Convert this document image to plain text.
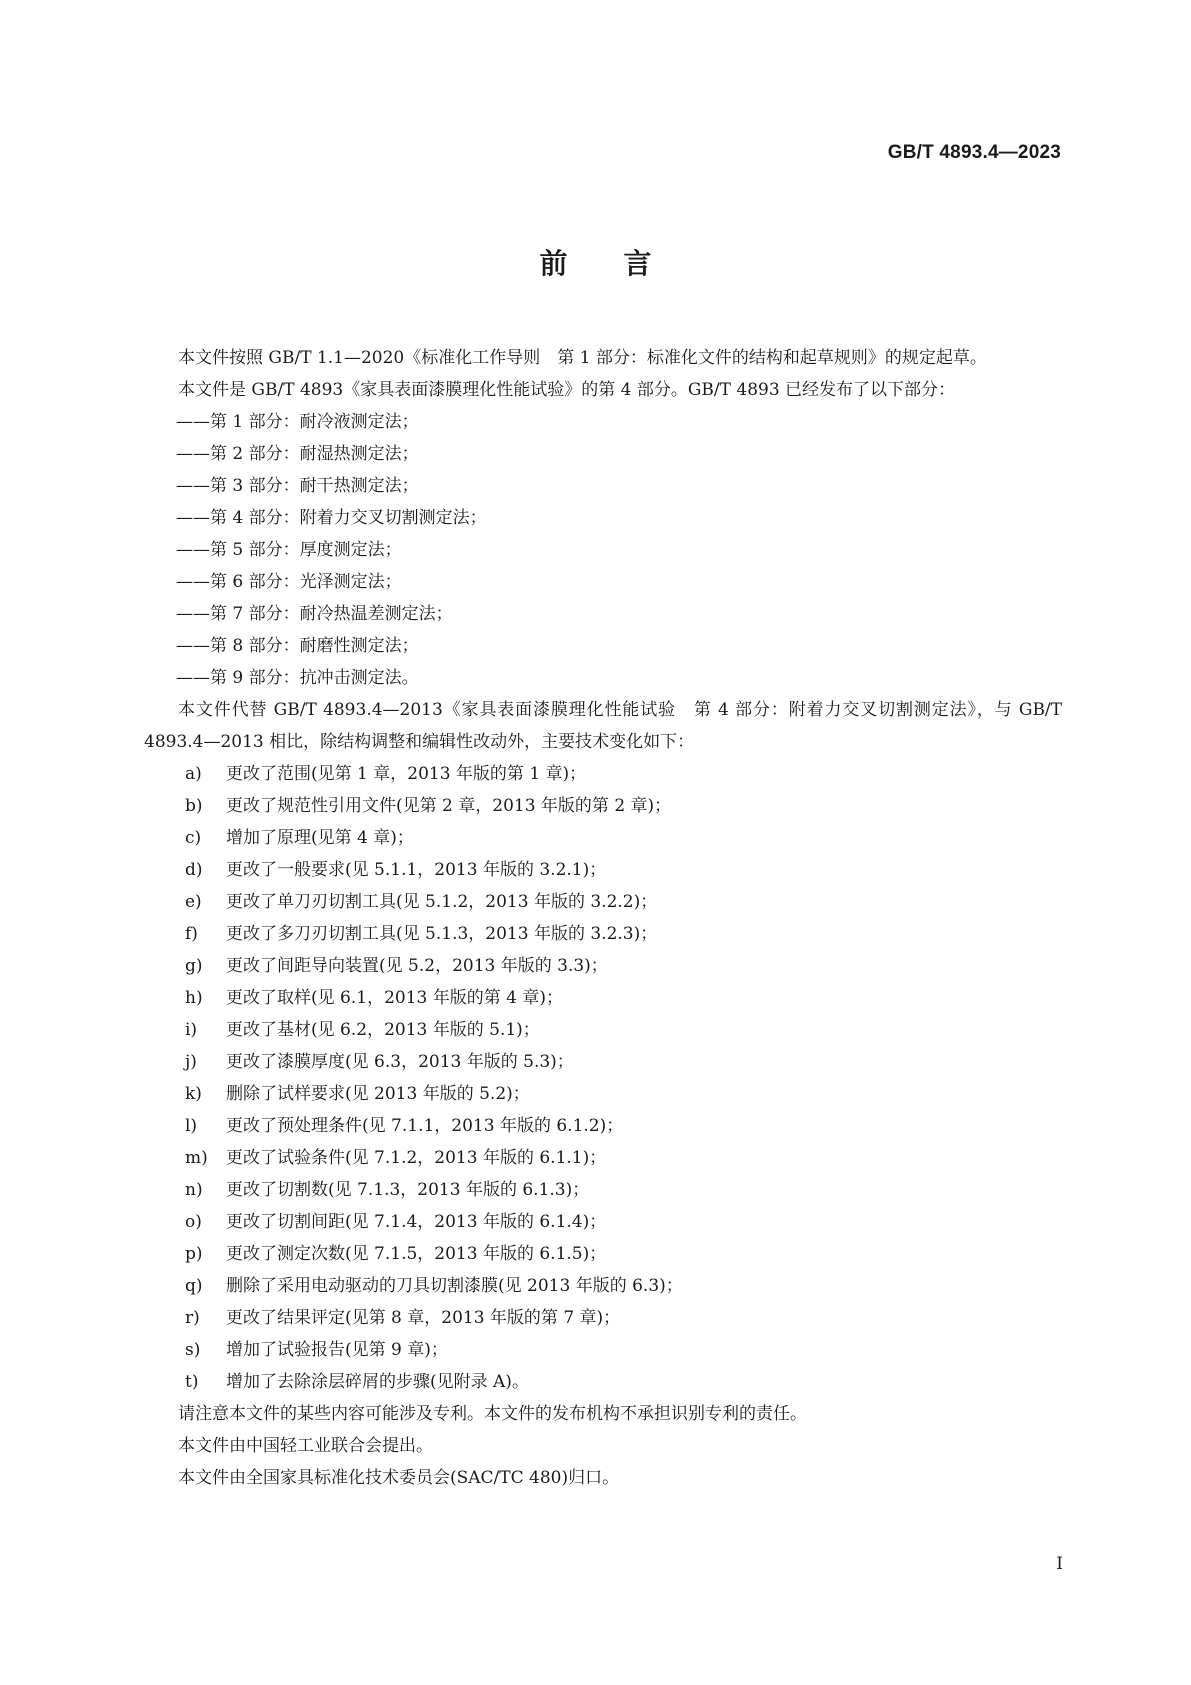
GB/T 4893.4—2023
前言

本文件按照 GB/T 1.1—2020《标准化工作导则　第 1 部分：标准化文件的结构和起草规则》的规定起草。

本文件是 GB/T 4893《家具表面漆膜理化性能试验》的第 4 部分。GB/T 4893 已经发布了以下部分：

——第 1 部分：耐冷液测定法；
——第 2 部分：耐湿热测定法；
——第 3 部分：耐干热测定法；
——第 4 部分：附着力交叉切割测定法；
——第 5 部分：厚度测定法；
——第 6 部分：光泽测定法；
——第 7 部分：耐冷热温差测定法；
——第 8 部分：耐磨性测定法；
——第 9 部分：抗冲击测定法。

本文件代替 GB/T 4893.4—2013《家具表面漆膜理化性能试验　第 4 部分：附着力交叉切割测定法》，与 GB/T 4893.4—2013 相比，除结构调整和编辑性改动外，主要技术变化如下：

a)	更改了范围(见第 1 章，2013 年版的第 1 章)；
b)	更改了规范性引用文件(见第 2 章，2013 年版的第 2 章)；
c)	增加了原理(见第 4 章)；
d)	更改了一般要求(见 5.1.1，2013 年版的 3.2.1)；
e)	更改了单刀刃切割工具(见 5.1.2，2013 年版的 3.2.2)；
f)	更改了多刀刃切割工具(见 5.1.3，2013 年版的 3.2.3)；
g)	更改了间距导向装置(见 5.2，2013 年版的 3.3)；
h)	更改了取样(见 6.1，2013 年版的第 4 章)；
i)	更改了基材(见 6.2，2013 年版的 5.1)；
j)	更改了漆膜厚度(见 6.3，2013 年版的 5.3)；
k)	删除了试样要求(见 2013 年版的 5.2)；
l)	更改了预处理条件(见 7.1.1，2013 年版的 6.1.2)；
m)	更改了试验条件(见 7.1.2，2013 年版的 6.1.1)；
n)	更改了切割数(见 7.1.3，2013 年版的 6.1.3)；
o)	更改了切割间距(见 7.1.4，2013 年版的 6.1.4)；
p)	更改了测定次数(见 7.1.5，2013 年版的 6.1.5)；
q)	删除了采用电动驱动的刀具切割漆膜(见 2013 年版的 6.3)；
r)	更改了结果评定(见第 8 章，2013 年版的第 7 章)；
s)	增加了试验报告(见第 9 章)；
t)	增加了去除涂层碎屑的步骤(见附录 A)。

请注意本文件的某些内容可能涉及专利。本文件的发布机构不承担识别专利的责任。

本文件由中国轻工业联合会提出。

本文件由全国家具标准化技术委员会(SAC/TC 480)归口。

I
